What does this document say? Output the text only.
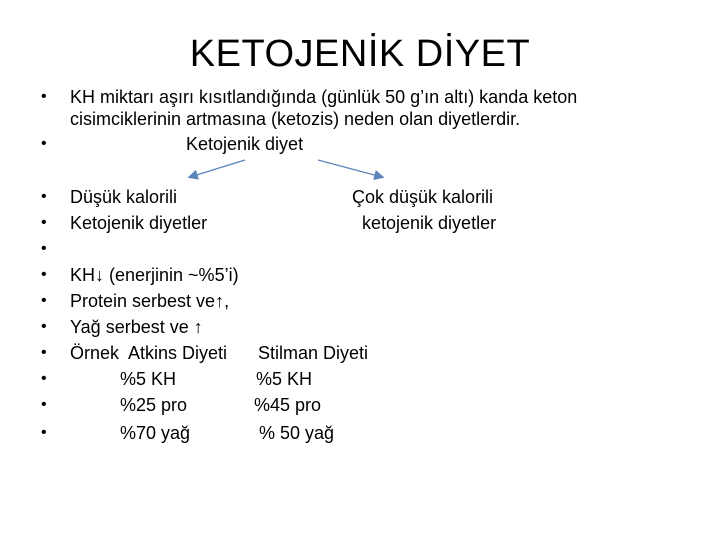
KETOJENİK DİYET
• KH miktarı aşırı kısıtlandığında (günlük 50 g’ın altı) kanda keton
cisimciklerinin artmasına (ketozis) neden olan diyetlerdir.
•	Ketojenik diyet
• Düşük kalorili	Çok düşük kalorili
• Ketojenik diyetler	ketojenik diyetler
•
• KH↓ (enerjinin ~%5’i)
• Protein serbest ve↑,
• Yağ serbest ve ↑
• Örnek Atkins Diyeti Stilman Diyeti
•	%5 KH	%5 KH
•	%25 pro	%45 pro
•	%70 yağ	% 50 yağ
